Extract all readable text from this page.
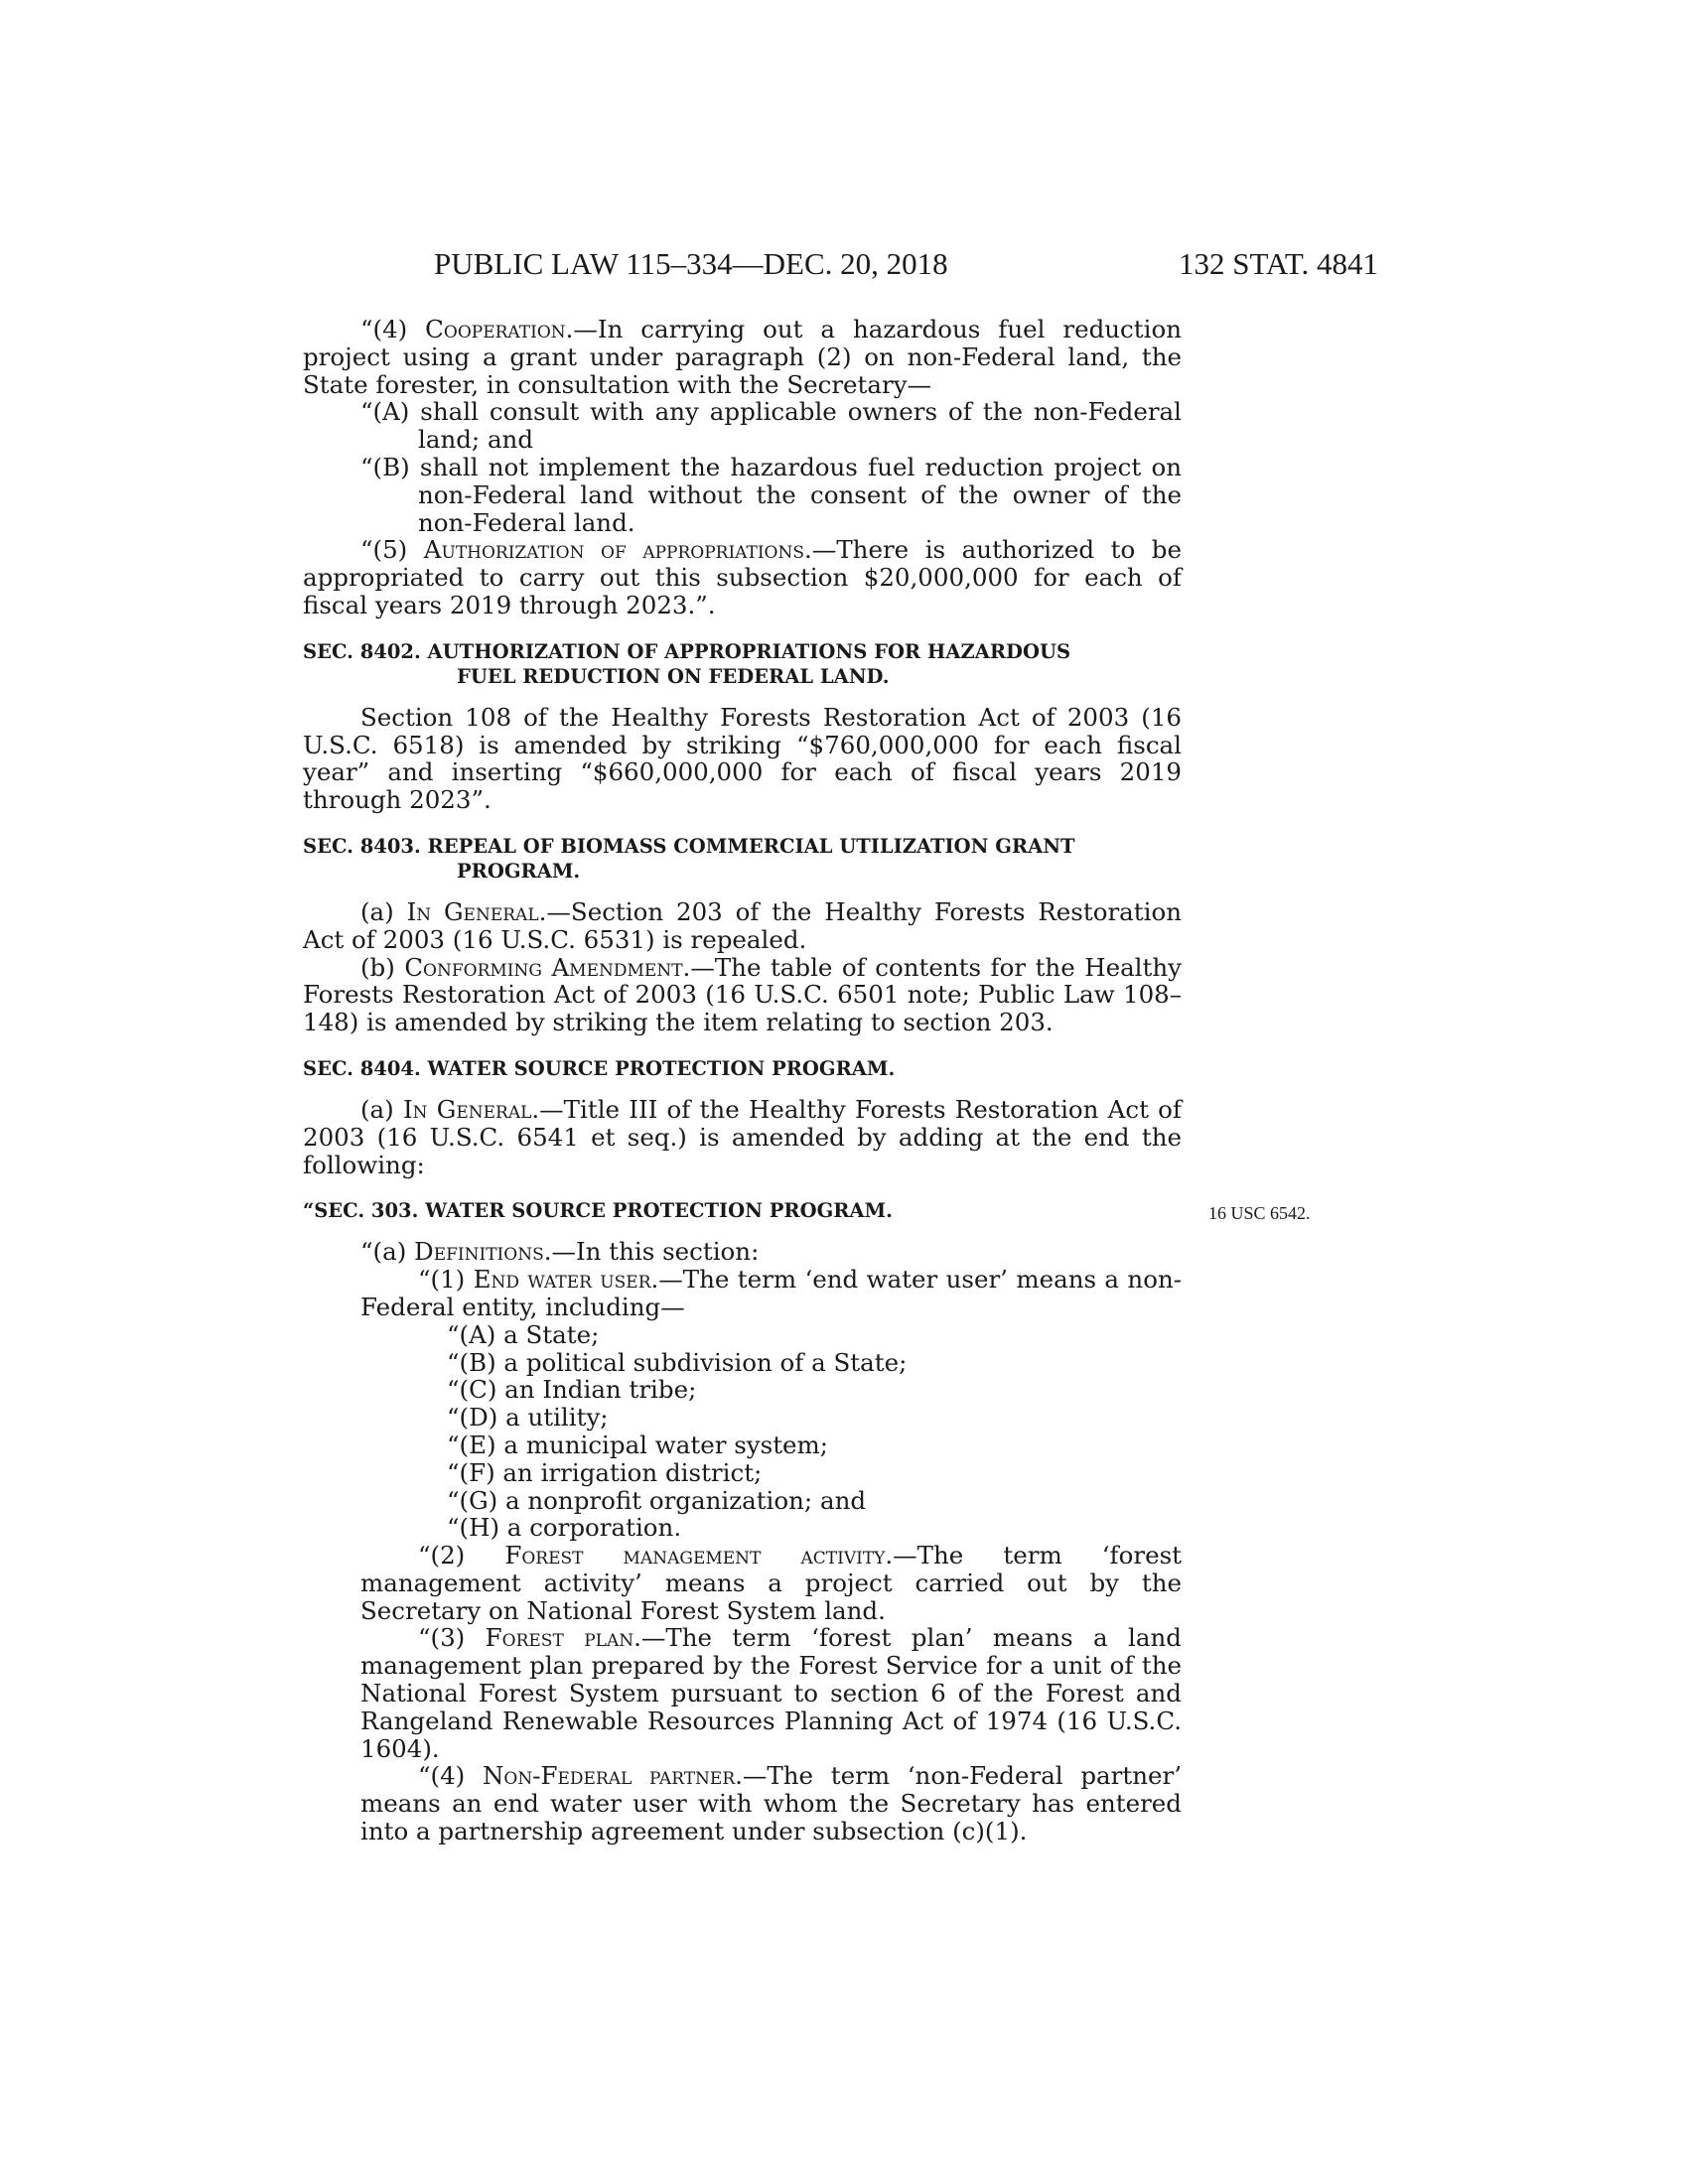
PUBLIC LAW 115–334—DEC. 20, 2018	132 STAT. 4841

“(4) Cooperation.—In carrying out a hazardous fuel reduction project using a grant under paragraph (2) on non-Federal land, the State forester, in consultation with the Secretary—

“(A) shall consult with any applicable owners of the non-Federal land; and

“(B) shall not implement the hazardous fuel reduction project on non-Federal land without the consent of the owner of the non-Federal land.

“(5) Authorization of appropriations.—There is authorized to be appropriated to carry out this subsection $20,000,000 for each of fiscal years 2019 through 2023.”.

SEC. 8402. AUTHORIZATION OF APPROPRIATIONS FOR HAZARDOUS
FUEL REDUCTION ON FEDERAL LAND.

Section 108 of the Healthy Forests Restoration Act of 2003 (16 U.S.C. 6518) is amended by striking “$760,000,000 for each fiscal year” and inserting “$660,000,000 for each of fiscal years 2019 through 2023”.

SEC. 8403. REPEAL OF BIOMASS COMMERCIAL UTILIZATION GRANT
PROGRAM.

(a) In General.—Section 203 of the Healthy Forests Restoration Act of 2003 (16 U.S.C. 6531) is repealed.

(b) Conforming Amendment.—The table of contents for the Healthy Forests Restoration Act of 2003 (16 U.S.C. 6501 note; Public Law 108–148) is amended by striking the item relating to section 203.

SEC. 8404. WATER SOURCE PROTECTION PROGRAM.

(a) In General.—Title III of the Healthy Forests Restoration Act of 2003 (16 U.S.C. 6541 et seq.) is amended by adding at the end the following:

“SEC. 303. WATER SOURCE PROTECTION PROGRAM.	16 USC 6542.

“(a) Definitions.—In this section:

“(1) End water user.—The term ‘end water user’ means a non-Federal entity, including—

“(A) a State;

“(B) a political subdivision of a State;

“(C) an Indian tribe;

“(D) a utility;

“(E) a municipal water system;

“(F) an irrigation district;

“(G) a nonprofit organization; and

“(H) a corporation.

“(2) Forest management activity.—The term ‘forest management activity’ means a project carried out by the Secretary on National Forest System land.

“(3) Forest plan.—The term ‘forest plan’ means a land management plan prepared by the Forest Service for a unit of the National Forest System pursuant to section 6 of the Forest and Rangeland Renewable Resources Planning Act of 1974 (16 U.S.C. 1604).

“(4) Non-Federal partner.—The term ‘non-Federal partner’ means an end water user with whom the Secretary has entered into a partnership agreement under subsection (c)(1).
